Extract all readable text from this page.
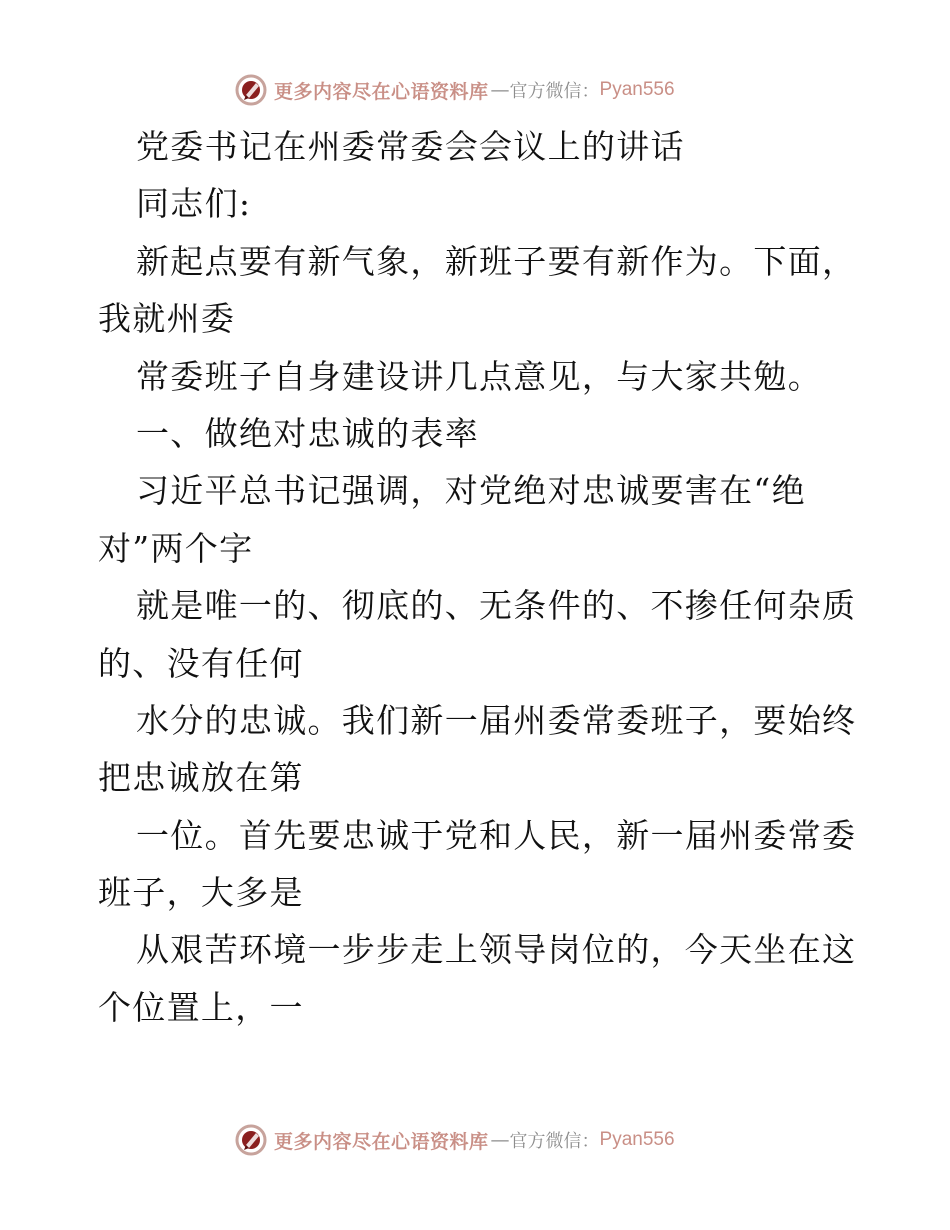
更多内容尽在心语资料库 — 官方微信： Pyan556
党委书记在州委常委会会议上的讲话
同志们:
新起点要有新气象，新班子要有新作为。下面，
我就州委
常委班子自身建设讲几点意见，与大家共勉。
一、做绝对忠诚的表率
习近平总书记强调，对党绝对忠诚要害在“绝
对”两个字
就是唯一的、彻底的、无条件的、不掺任何杂质
的、没有任何
水分的忠诚。我们新一届州委常委班子，要始终
把忠诚放在第
一位。首先要忠诚于党和人民，新一届州委常委
班子，大多是
从艰苦环境一步步走上领导岗位的，今天坐在这
个位置上，一
更多内容尽在心语资料库 — 官方微信： Pyan556
